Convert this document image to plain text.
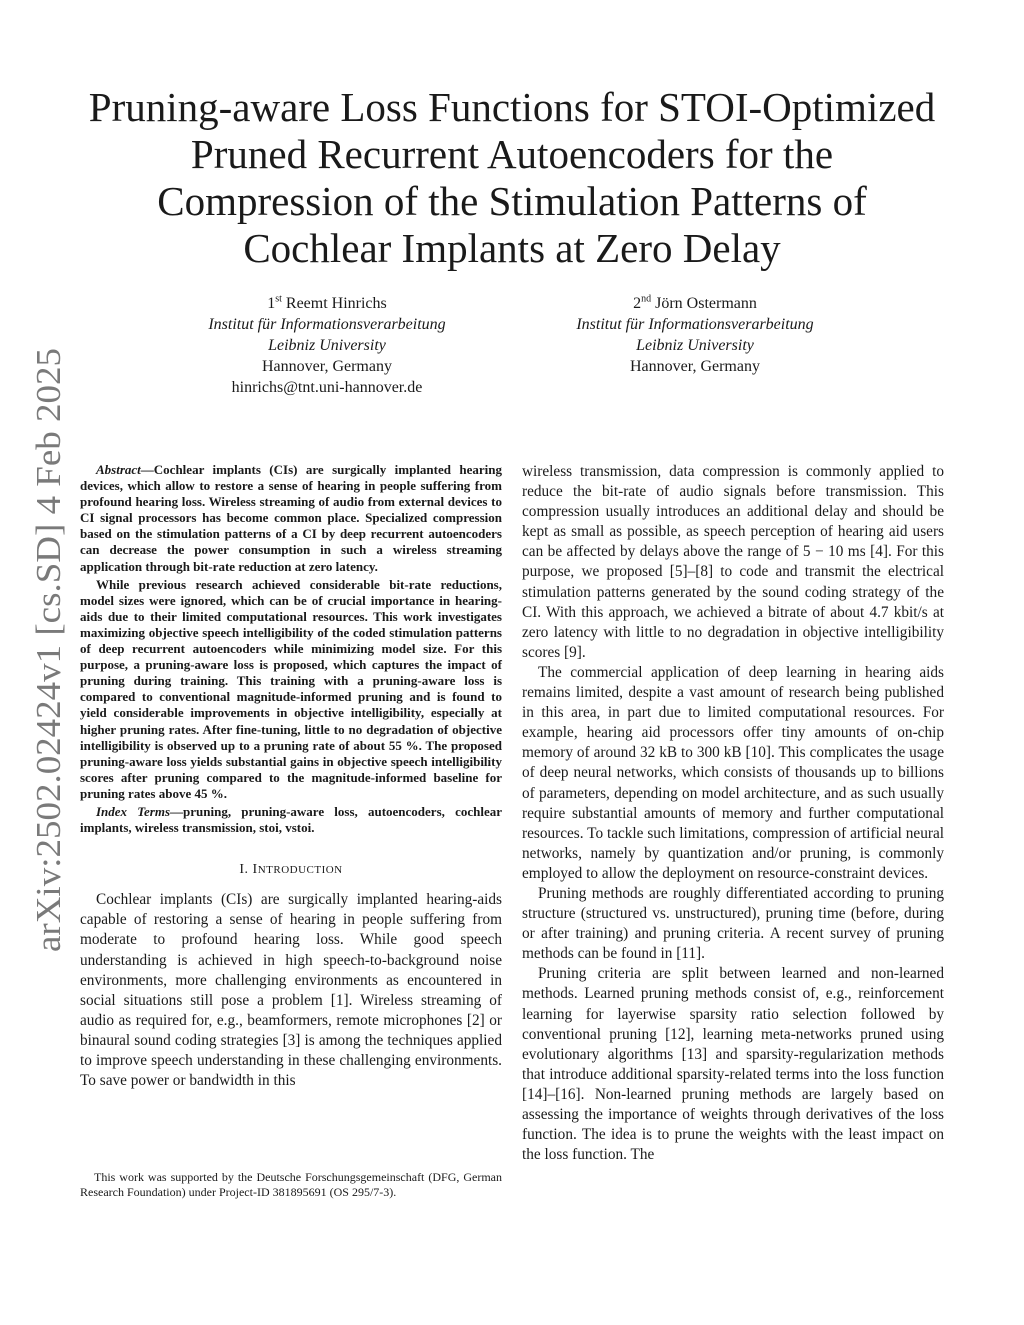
arXiv:2502.02424v1 [cs.SD] 4 Feb 2025
Pruning-aware Loss Functions for STOI-Optimized
Pruned Recurrent Autoencoders for the
Compression of the Stimulation Patterns of
Cochlear Implants at Zero Delay
1st Reemt Hinrichs
Institut für Informationsverarbeitung
Leibniz University
Hannover, Germany
hinrichs@tnt.uni-hannover.de
2nd Jörn Ostermann
Institut für Informationsverarbeitung
Leibniz University
Hannover, Germany

Abstract—Cochlear implants (CIs) are surgically implanted hearing devices, which allow to restore a sense of hearing in people suffering from profound hearing loss. Wireless streaming of audio from external devices to CI signal processors has become common place. Specialized compression based on the stimulation patterns of a CI by deep recurrent autoencoders can decrease the power consumption in such a wireless streaming application through bit-rate reduction at zero latency.

While previous research achieved considerable bit-rate reductions, model sizes were ignored, which can be of crucial importance in hearing-aids due to their limited computational resources. This work investigates maximizing objective speech intelligibility of the coded stimulation patterns of deep recurrent autoencoders while minimizing model size. For this purpose, a pruning-aware loss is proposed, which captures the impact of pruning during training. This training with a pruning-aware loss is compared to conventional magnitude-informed pruning and is found to yield considerable improvements in objective intelligibility, especially at higher pruning rates. After fine-tuning, little to no degradation of objective intelligibility is observed up to a pruning rate of about 55 %. The proposed pruning-aware loss yields substantial gains in objective speech intelligibility scores after pruning compared to the magnitude-informed baseline for pruning rates above 45 %.

Index Terms—pruning, pruning-aware loss, autoencoders, cochlear implants, wireless transmission, stoi, vstoi.

I. INTRODUCTION

Cochlear implants (CIs) are surgically implanted hearing-aids capable of restoring a sense of hearing in people suffering from moderate to profound hearing loss. While good speech understanding is achieved in high speech-to-background noise environments, more challenging environments as encountered in social situations still pose a problem [1]. Wireless streaming of audio as required for, e.g., beamformers, remote microphones [2] or binaural sound coding strategies [3] is among the techniques applied to improve speech understanding in these challenging environments. To save power or bandwidth in this

This work was supported by the Deutsche Forschungsgemeinschaft (DFG, German Research Foundation) under Project-ID 381895691 (OS 295/7-3).

wireless transmission, data compression is commonly applied to reduce the bit-rate of audio signals before transmission. This compression usually introduces an additional delay and should be kept as small as possible, as speech perception of hearing aid users can be affected by delays above the range of 5 − 10 ms [4]. For this purpose, we proposed [5]–[8] to code and transmit the electrical stimulation patterns generated by the sound coding strategy of the CI. With this approach, we achieved a bitrate of about 4.7 kbit/s at zero latency with little to no degradation in objective intelligibility scores [9].

The commercial application of deep learning in hearing aids remains limited, despite a vast amount of research being published in this area, in part due to limited computational resources. For example, hearing aid processors offer tiny amounts of on-chip memory of around 32 kB to 300 kB [10]. This complicates the usage of deep neural networks, which consists of thousands up to billions of parameters, depending on model architecture, and as such usually require substantial amounts of memory and further computational resources. To tackle such limitations, compression of artificial neural networks, namely by quantization and/or pruning, is commonly employed to allow the deployment on resource-constraint devices.

Pruning methods are roughly differentiated according to pruning structure (structured vs. unstructured), pruning time (before, during or after training) and pruning criteria. A recent survey of pruning methods can be found in [11].

Pruning criteria are split between learned and non-learned methods. Learned pruning methods consist of, e.g., reinforcement learning for layerwise sparsity ratio selection followed by conventional pruning [12], learning meta-networks pruned using evolutionary algorithms [13] and sparsity-regularization methods that introduce additional sparsity-related terms into the loss function [14]–[16]. Non-learned pruning methods are largely based on assessing the importance of weights through derivatives of the loss function. The idea is to prune the weights with the least impact on the loss function. The
